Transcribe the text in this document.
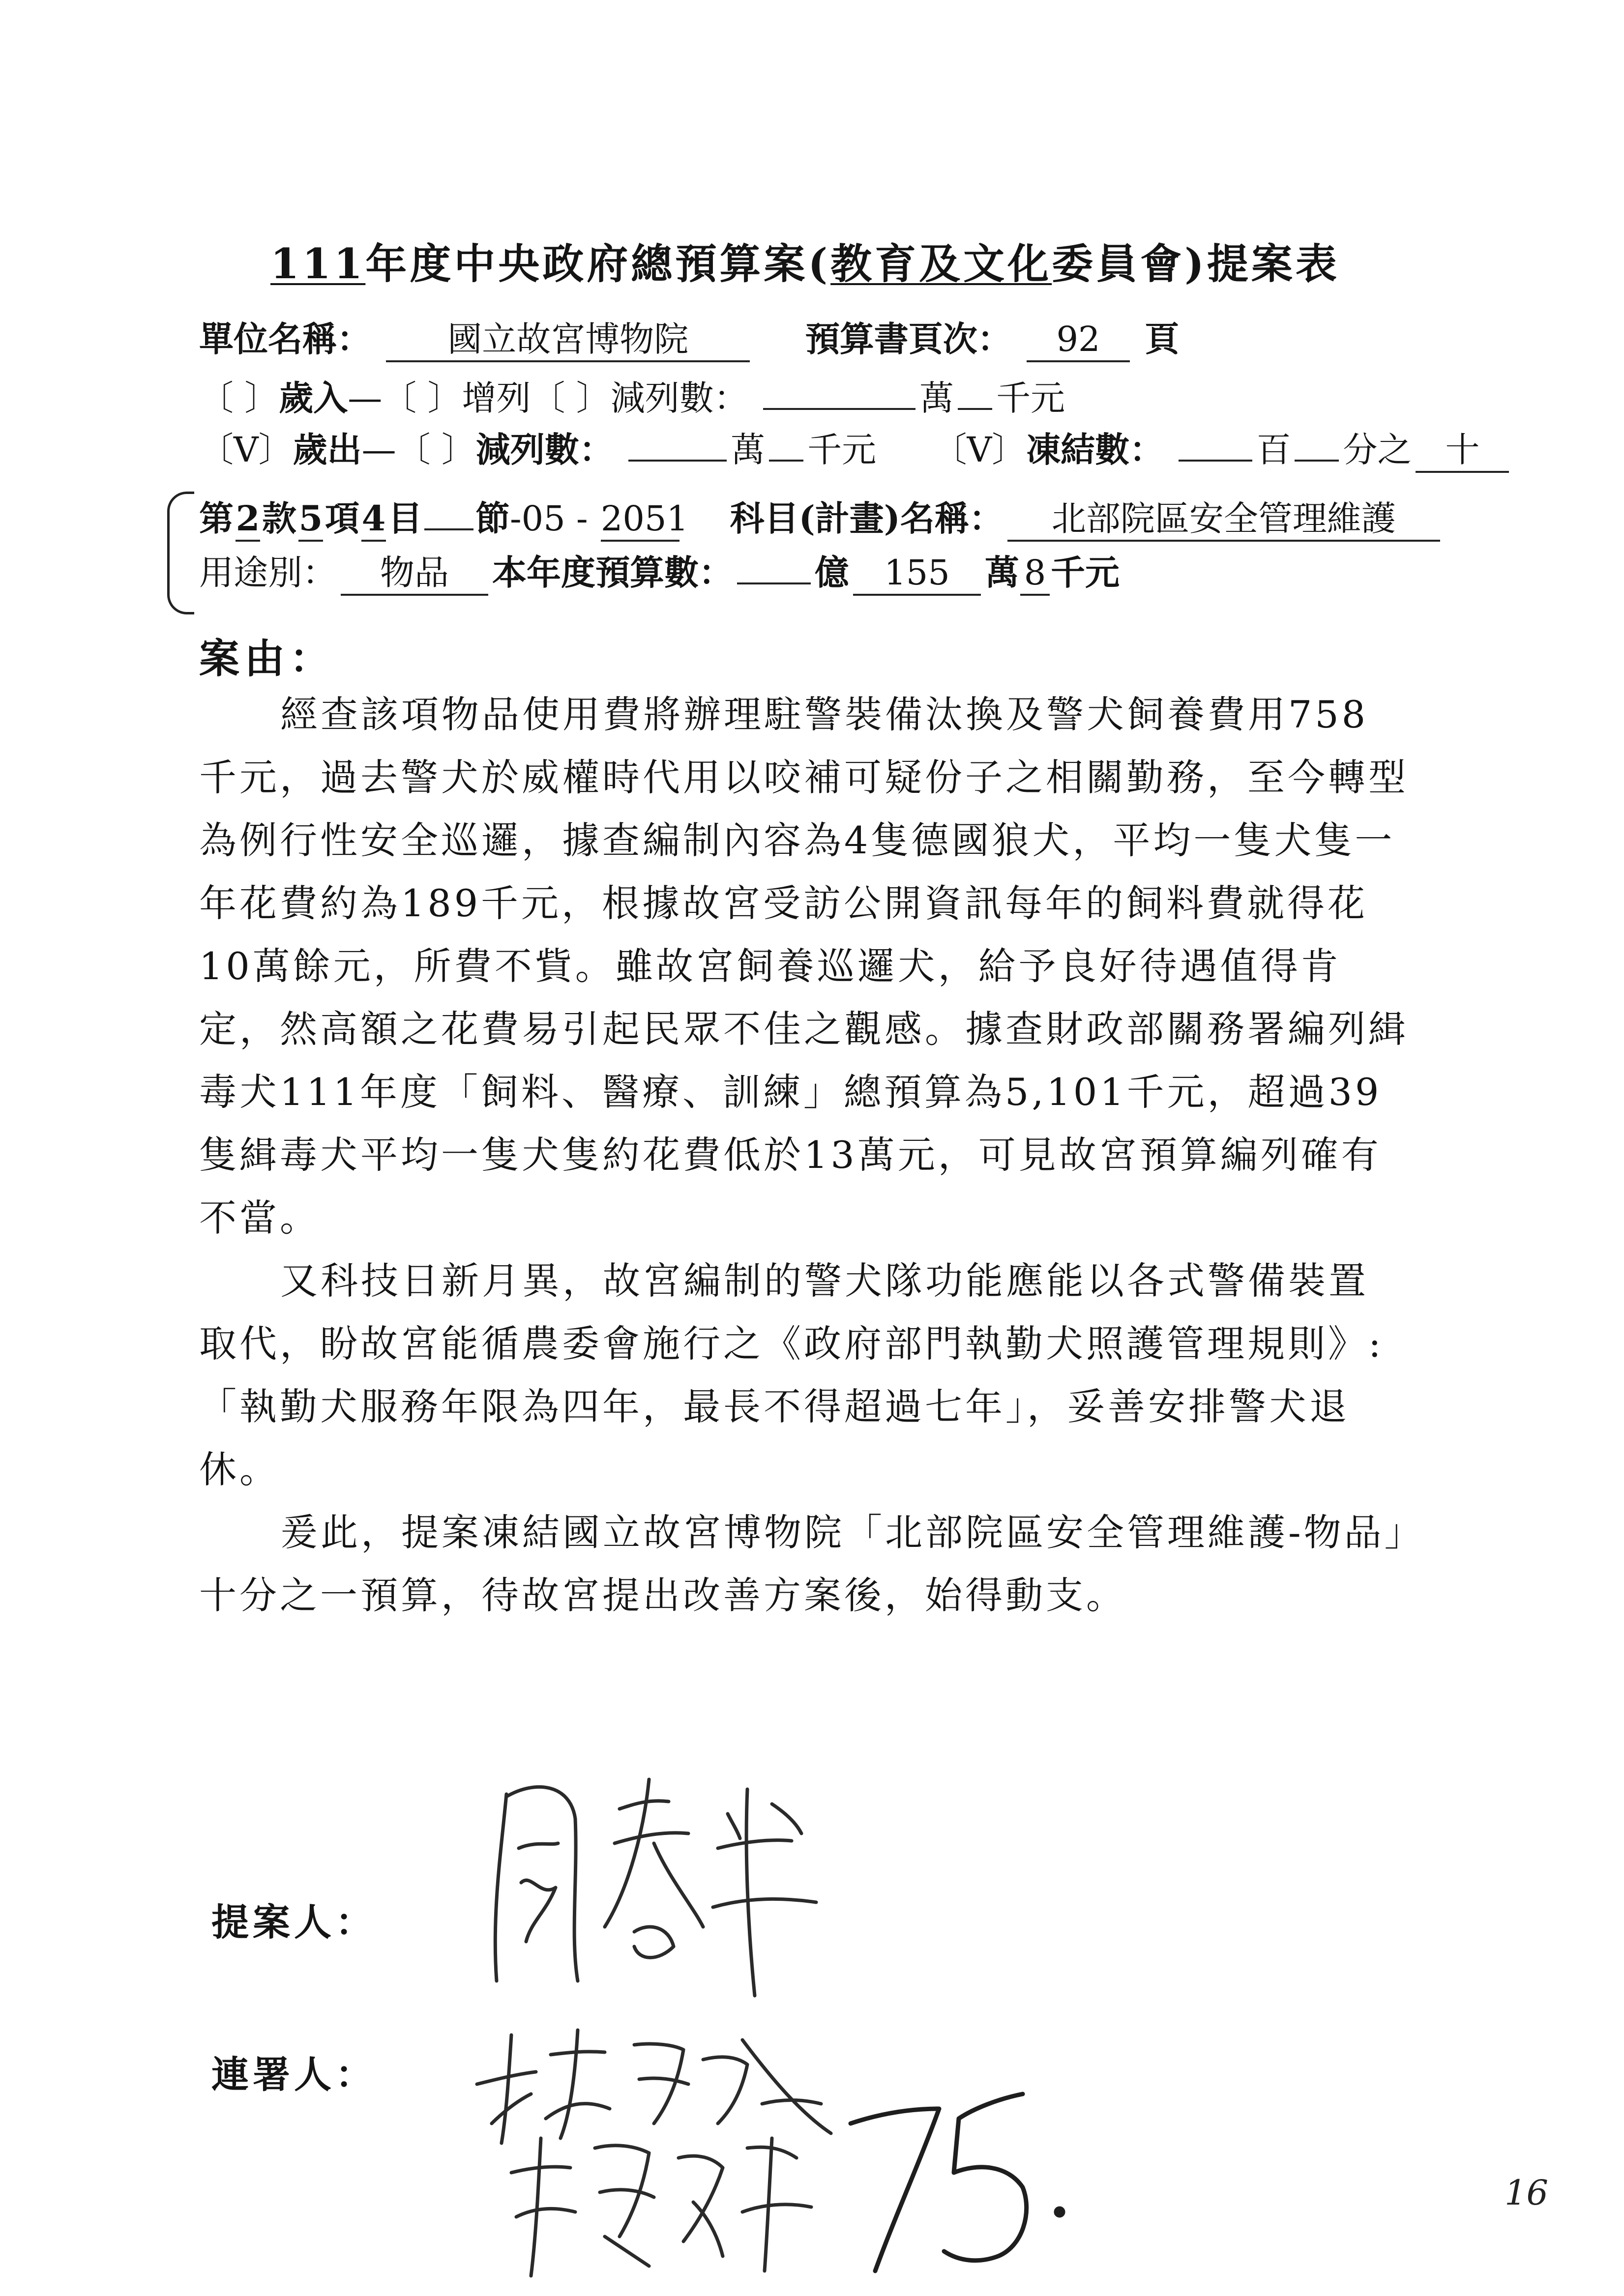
111年度中央政府總預算案(教育及文化委員會)提案表
單位名稱： 國立故宮博物院	預算書頁次： 92 頁
〔 〕歲入—〔 〕增列〔 〕減列數：	萬 千元
〔V〕歲出—〔 〕減列數：	萬 千元 〔V〕凍結數：	百 分之 十
第2款5項4目 節-05 - 2051 科目(計畫)名稱： 北部院區安全管理維護
用途別： 物品 本年度預算數： 億 155 萬 8 千元
案由：

經查該項物品使用費將辦理駐警裝備汰換及警犬飼養費用758千元，過去警犬於威權時代用以咬補可疑份子之相關勤務，至今轉型為例行性安全巡邏，據查編制內容為4隻德國狼犬，平均一隻犬隻一年花費約為189千元，根據故宮受訪公開資訊每年的飼料費就得花10萬餘元，所費不貲。雖故宮飼養巡邏犬，給予良好待遇值得肯定，然高額之花費易引起民眾不佳之觀感。據查財政部關務署編列緝毒犬111年度「飼料、醫療、訓練」總預算為5,101千元，超過39隻緝毒犬平均一隻犬隻約花費低於13萬元，可見故宮預算編列確有不當。

又科技日新月異，故宮編制的警犬隊功能應能以各式警備裝置取代，盼故宮能循農委會施行之《政府部門執勤犬照護管理規則》:「執勤犬服務年限為四年，最長不得超過七年」，妥善安排警犬退休。

爰此，提案凍結國立故宮博物院「北部院區安全管理維護-物品」十分之一預算，待故宮提出改善方案後，始得動支。

提案人：
連署人：
16
